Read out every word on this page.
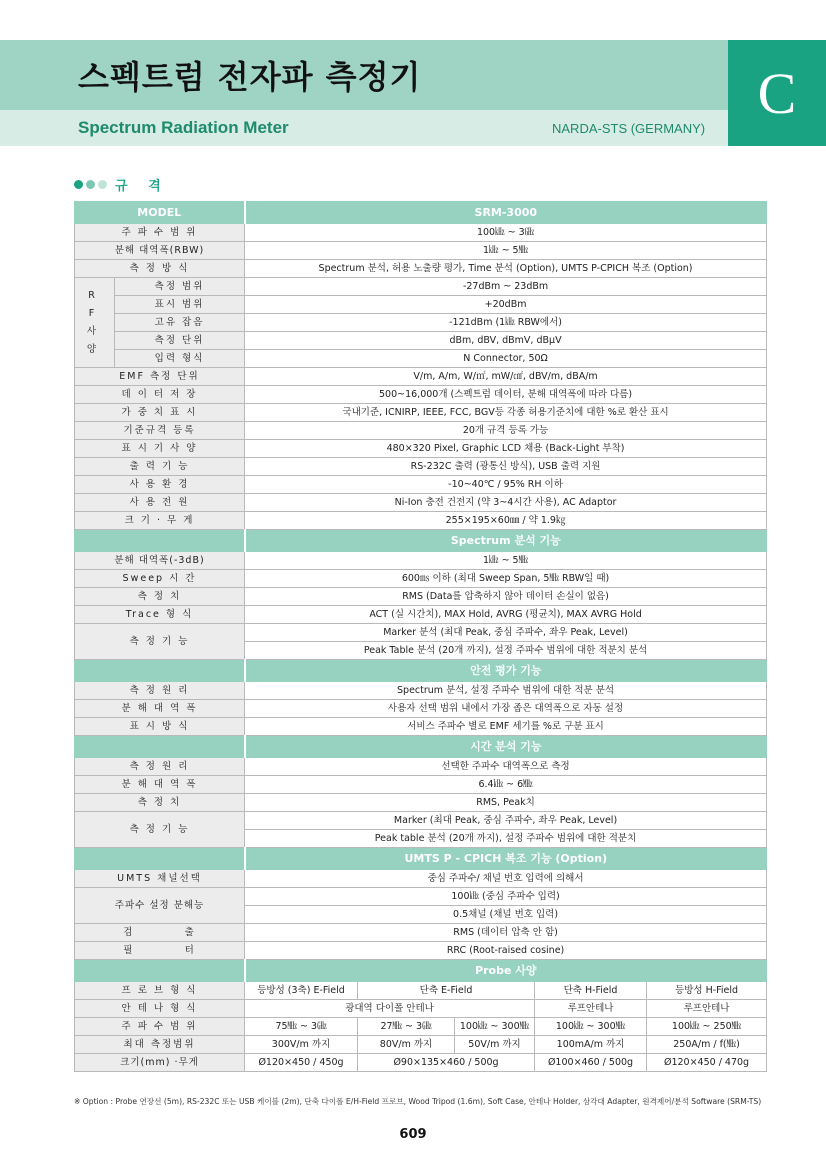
스펙트럼 전자파 측정기
Spectrum Radiation Meter	NARDA-STS (GERMANY)
C
규 격
MODEL		SRM-3000				
주 파 수 범 위		100㎑ ~ 3㎓				
분해 대역폭(RBW)		1㎑ ~ 5㎒				
측 정 방 식		Spectrum 분석, 허용 노출량 평가, Time 분석 (Option), UMTS P-CPICH 복조 (Option)				
R F 사 양	측정 범위	-27dBm ~ 23dBm				
	표시 범위	+20dBm				
	고유 잡음	-121dBm (1㎑ RBW에서)				
	측정 단위	dBm, dBV, dBmV, dBμV				
	입력 형식	N Connector, 50Ω				
EMF 측정 단위		V/m, A/m, W/㎡, mW/㎠, dBV/m, dBA/m				
데 이 터 저 장		500~16,000개 (스펙트럼 데이터, 분해 대역폭에 따라 다름)				
가 중 치 표 시		국내기준, ICNIRP, IEEE, FCC, BGV등 각종 허용기준치에 대한 %로 환산 표시				
기준규격 등록		20개 규격 등록 가능				
표 시 기 사 양		480×320 Pixel, Graphic LCD 채용 (Back-Light 부착)				
출 력 기 능		RS-232C 출력 (광통신 방식), USB 출력 지원				
사 용 환 경		-10~40℃ / 95% RH 이하				
사 용 전 원		Ni-Ion 충전 건전지 (약 3~4시간 사용), AC Adaptor				
크 기 · 무 게		255×195×60㎜ / 약 1.9㎏				
		Spectrum 분석 기능				
분해 대역폭(-3dB)		1㎑ ~ 5㎒				
Sweep 시 간		600㎳ 이하 (최대 Sweep Span, 5㎒ RBW일 때)				
측 정 치		RMS (Data를 압축하지 않아 데이터 손실이 없음)				
Trace 형 식		ACT (실 시간치), MAX Hold, AVRG (평균치), MAX AVRG Hold				
측 정 기 능		Marker 분석 (최대 Peak, 중심 주파수, 좌우 Peak, Level)				
		Peak Table 분석 (20개 까지), 설정 주파수 범위에 대한 적분치 분석				
		안전 평가 기능				
측 정 원 리		Spectrum 분석, 설정 주파수 범위에 대한 적분 분석				
분 해 대 역 폭		사용자 선택 범위 내에서 가장 좁은 대역폭으로 자동 설정				
표 시 방 식		서비스 주파수 별로 EMF 세기를 %로 구분 표시				
		시간 분석 기능				
측 정 원 리		선택한 주파수 대역폭으로 측정				
분 해 대 역 폭		6.4㎑ ~ 6㎒				
측 정 치		RMS, Peak치				
측 정 기 능		Marker (최대 Peak, 중심 주파수, 좌우 Peak, Level)				
		Peak table 분석 (20개 까지), 설정 주파수 범위에 대한 적분치				
		UMTS P - CPICH 복조 기능 (Option)				
UMTS 채널선택		중심 주파수/ 채널 번호 입력에 의해서				
주파수 설정 분해능		100㎑ (중심 주파수 입력)				
		0.5채널 (채널 번호 입력)				
검          출		RMS (데이터 압축 안 함)				
필          터		RRC (Root-raised cosine)				
		Probe 사양				
프 로 브 형 식		등방성 (3축) E-Field	단축 E-Field		단축 H-Field	등방성 H-Field
안 테 나 형 식		광대역 다이폴 안테나			루프안테나	루프안테나
주 파 수 범 위		75㎒ ~ 3㎓	27㎒ ~ 3㎓	100㎑ ~ 300㎒	100㎑ ~ 300㎒	100㎑ ~ 250㎒
최대 측정범위		300V/m 까지	80V/m 까지	50V/m 까지	100mA/m 까지	250A/m / f(㎒)
크기(mm) ·무게		Ø120×450 / 450g	Ø90×135×460 / 500g		Ø100×460 / 500g	Ø120×450 / 470g
※ Option : Probe 연장선 (5m), RS-232C 또는 USB 케이블 (2m), 단축 다이폴 E/H-Field 프로브, Wood Tripod (1.6m), Soft Case, 안테나 Holder, 삼각대 Adapter, 원격제어/분석 Software (SRM-TS)
609
